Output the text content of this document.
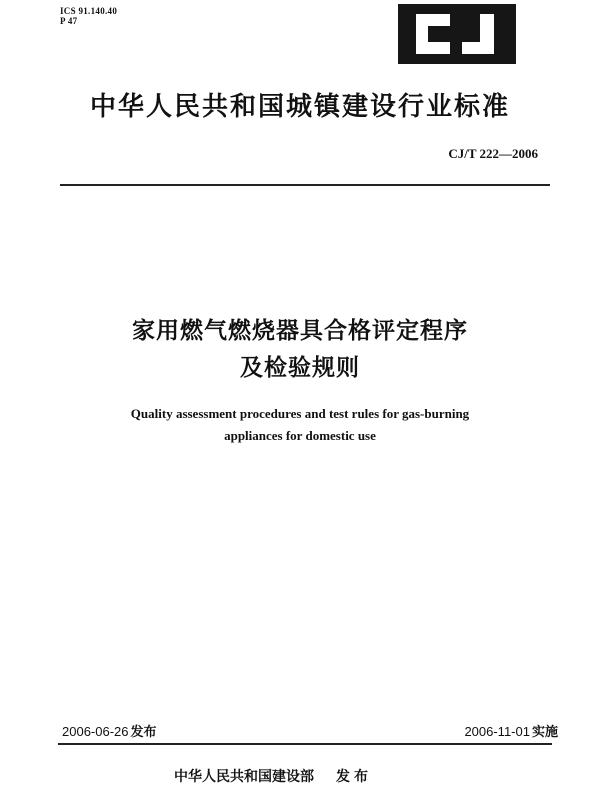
ICS 91.140.40
P 47
中华人民共和国城镇建设行业标准
CJ/T 222—2006
家用燃气燃烧器具合格评定程序
及检验规则
Quality assessment procedures and test rules for gas-burning
appliances for domestic use
2006-06-26 发布	2006-11-01 实施
中华人民共和国建设部 发布
